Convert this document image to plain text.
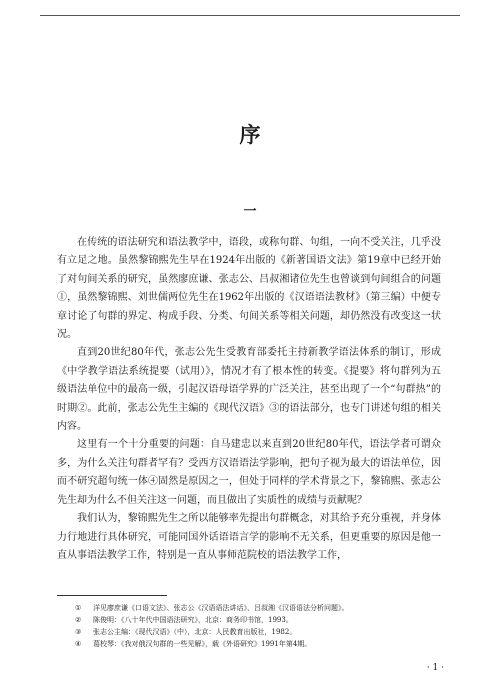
序
一

在传统的语法研究和语法教学中，语段，或称句群、句组，一向不受关注，几乎没有立足之地。虽然黎锦熙先生早在1924年出版的《新著国语文法》第19章中已经开始了对句间关系的研究，虽然廖庶谦、张志公、吕叔湘诸位先生也曾谈到句间组合的问题①，虽然黎锦熙、刘世儒两位先生在1962年出版的《汉语语法教材》（第三编）中便专章讨论了句群的界定、构成手段、分类、句间关系等相关问题，却仍然没有改变这一状况。

直到20世纪80年代，张志公先生受教育部委托主持新教学语法体系的制订，形成《中学教学语法系统提要（试用）》，情况才有了根本性的转变。《提要》将句群列为五级语法单位中的最高一级，引起汉语母语学界的广泛关注，甚至出现了一个“句群热”的时期②。此前，张志公先生主编的《现代汉语》③的语法部分，也专门讲述句组的相关内容。

这里有一个十分重要的问题：自马建忠以来直到20世纪80年代，语法学者可谓众多，为什么关注句群者罕有？受西方汉语语法学影响，把句子视为最大的语法单位，因而不研究超句统一体④固然是原因之一，但处于同样的学术背景之下，黎锦熙、张志公先生却为什么不但关注这一问题，而且做出了实质性的成绩与贡献呢？

我们认为，黎锦熙先生之所以能够率先提出句群概念，对其给予充分重视，并身体力行地进行具体研究，可能同国外话语语言学的影响不无关系，但更重要的原因是他一直从事语法教学工作，特别是一直从事师范院校的语法教学工作，

①	洋见廖庶谦《口语文法》、张志公《汉语语法讲话》、吕叔湘《汉语语法分析问题》。
②	陈俊明：《八十年代中国语法研究》，北京：商务印书馆，1993。
③	张志公主编：《现代汉语》（中），北京：人民教育出版社，1982。
④	葛校琴：《我对俄汉句群的一些见解》，载《外语研究》1991年第4期。
· 1 ·
